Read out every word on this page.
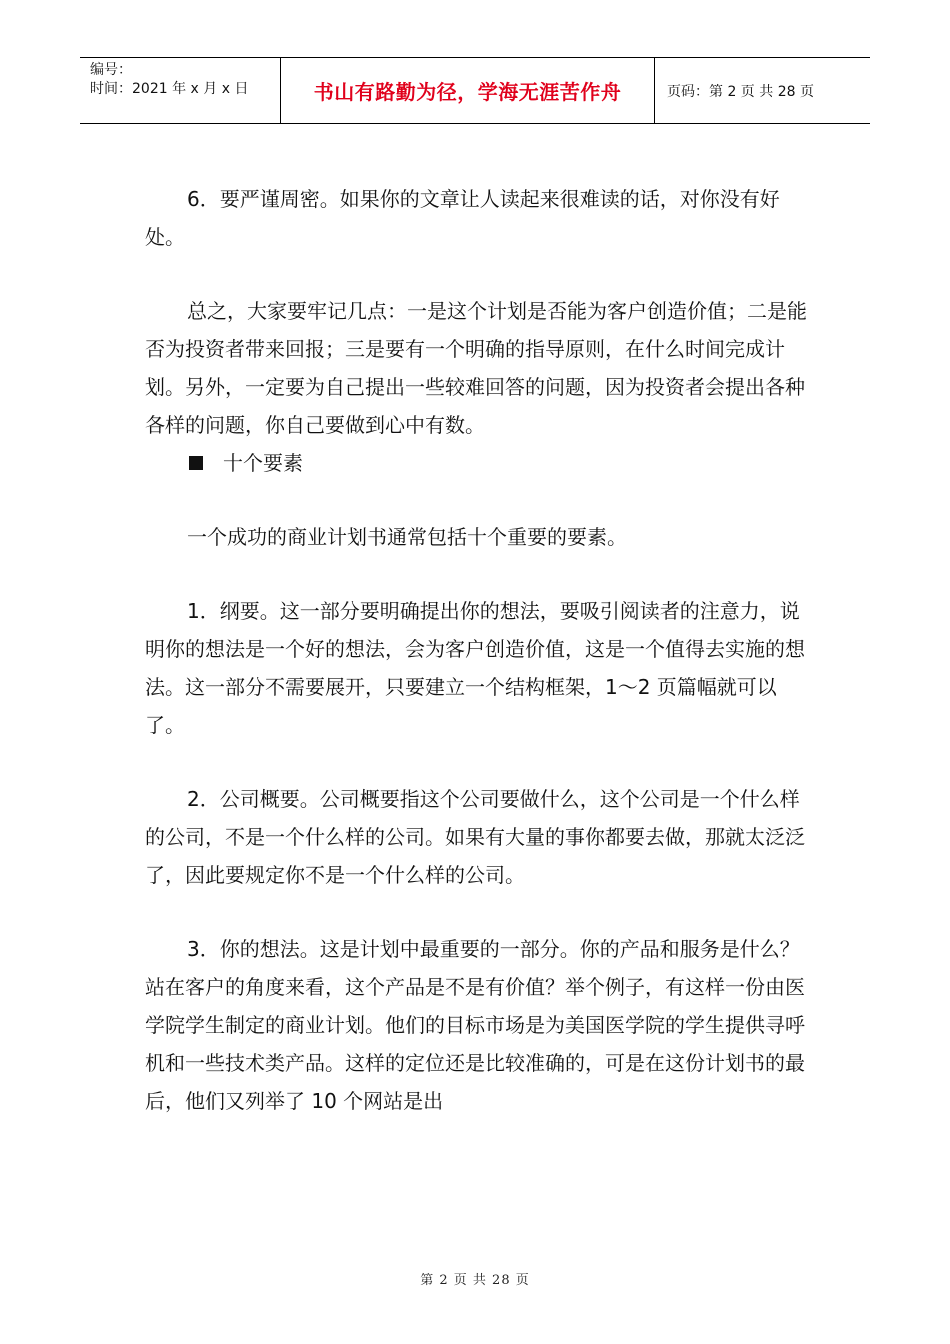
编号：
时间：2021 年 x 月 x 日	书山有路勤为径，学海无涯苦作舟	页码：第 2 页 共 28 页

6．要严谨周密。如果你的文章让人读起来很难读的话，对你没有好处。

总之，大家要牢记几点：一是这个计划是否能为客户创造价值；二是能否为投资者带来回报；三是要有一个明确的指导原则，在什么时间完成计划。另外，一定要为自己提出一些较难回答的问题，因为投资者会提出各种各样的问题，你自己要做到心中有数。

十个要素

一个成功的商业计划书通常包括十个重要的要素。

1．纲要。这一部分要明确提出你的想法，要吸引阅读者的注意力，说明你的想法是一个好的想法，会为客户创造价值，这是一个值得去实施的想法。这一部分不需要展开，只要建立一个结构框架，1～2 页篇幅就可以了。

2．公司概要。公司概要指这个公司要做什么，这个公司是一个什么样的公司，不是一个什么样的公司。如果有大量的事你都要去做，那就太泛泛了，因此要规定你不是一个什么样的公司。

3．你的想法。这是计划中最重要的一部分。你的产品和服务是什么？站在客户的角度来看，这个产品是不是有价值？举个例子，有这样一份由医学院学生制定的商业计划。他们的目标市场是为美国医学院的学生提供寻呼机和一些技术类产品。这样的定位还是比较准确的，可是在这份计划书的最后，他们又列举了 10 个网站是出

第 2 页 共 28 页
